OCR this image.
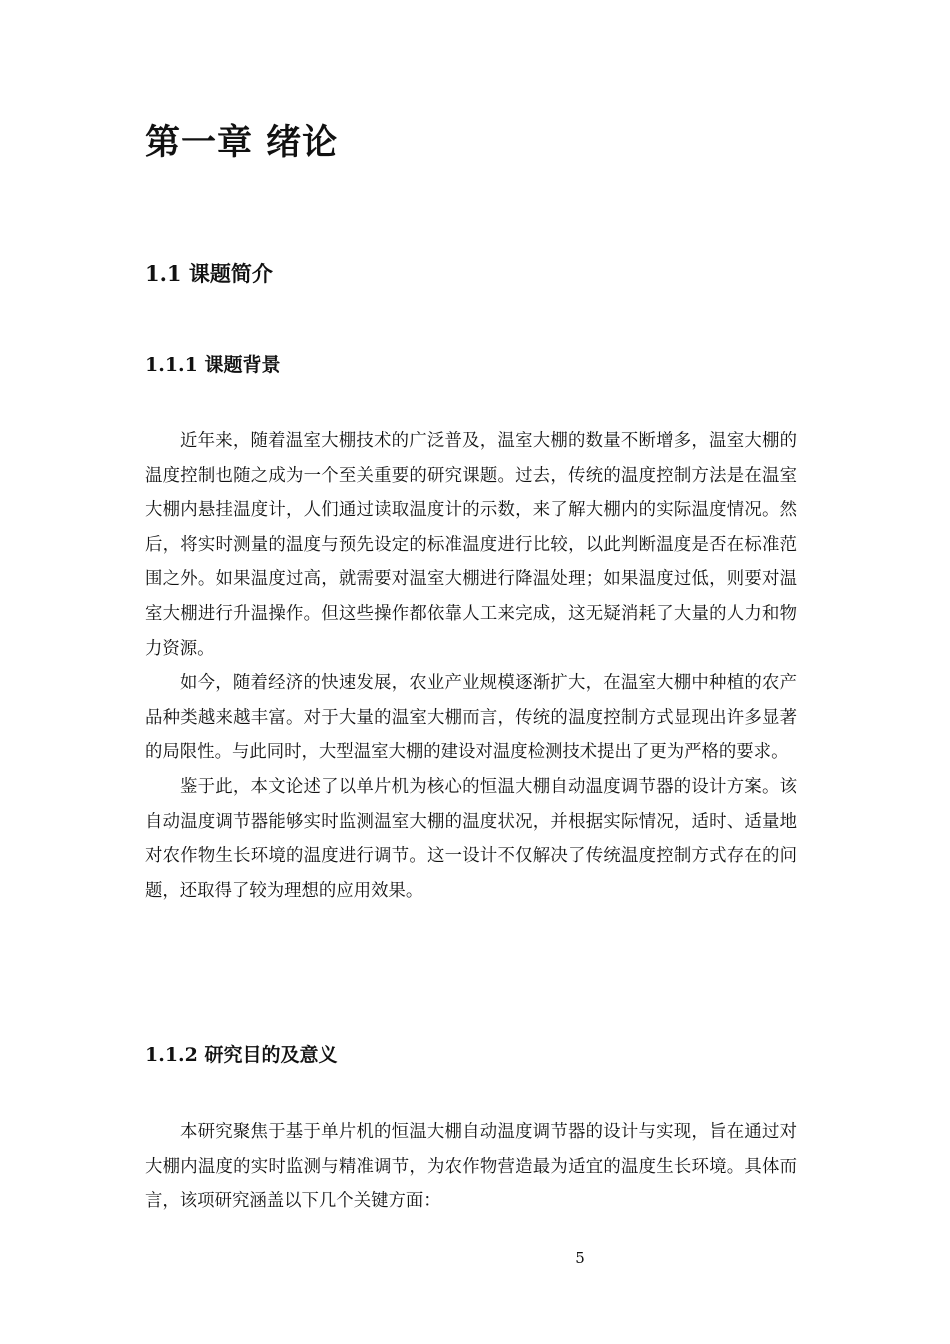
第一章 绪论
1.1 课题简介
1.1.1 课题背景

近年来，随着温室大棚技术的广泛普及，温室大棚的数量不断增多，温室大棚的温度控制也随之成为一个至关重要的研究课题。过去，传统的温度控制方法是在温室大棚内悬挂温度计，人们通过读取温度计的示数，来了解大棚内的实际温度情况。然后，将实时测量的温度与预先设定的标准温度进行比较，以此判断温度是否在标准范围之外。如果温度过高，就需要对温室大棚进行降温处理；如果温度过低，则要对温室大棚进行升温操作。但这些操作都依靠人工来完成，这无疑消耗了大量的人力和物力资源。

如今，随着经济的快速发展，农业产业规模逐渐扩大，在温室大棚中种植的农产品种类越来越丰富。对于大量的温室大棚而言，传统的温度控制方式显现出许多显著的局限性。与此同时，大型温室大棚的建设对温度检测技术提出了更为严格的要求。

鉴于此，本文论述了以单片机为核心的恒温大棚自动温度调节器的设计方案。该自动温度调节器能够实时监测温室大棚的温度状况，并根据实际情况，适时、适量地对农作物生长环境的温度进行调节。这一设计不仅解决了传统温度控制方式存在的问题，还取得了较为理想的应用效果。

1.1.2 研究目的及意义

本研究聚焦于基于单片机的恒温大棚自动温度调节器的设计与实现，旨在通过对大棚内温度的实时监测与精准调节，为农作物营造最为适宜的温度生长环境。具体而言，该项研究涵盖以下几个关键方面：

5
